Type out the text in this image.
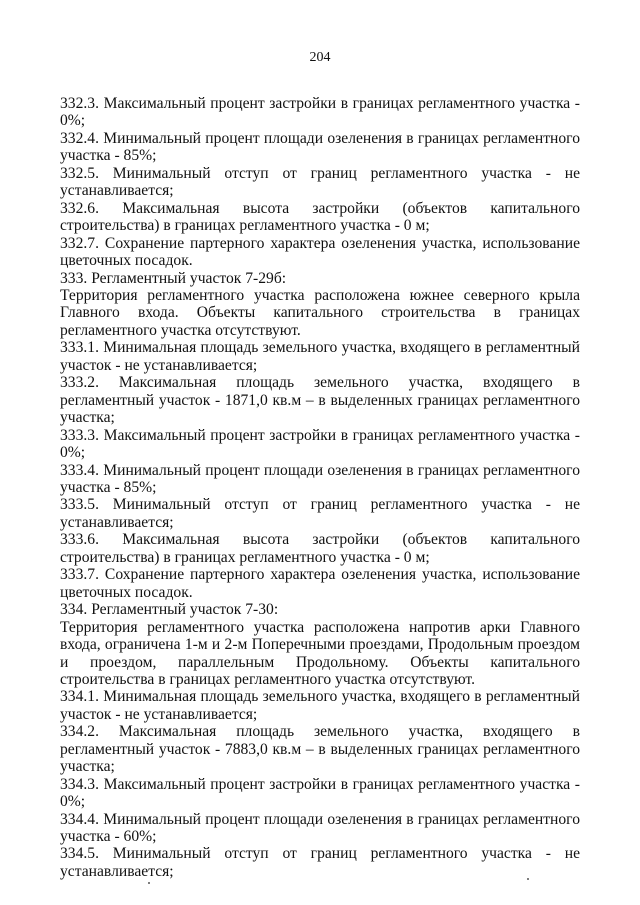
204

332.3. Максимальный процент застройки в границах регламентного участка - 0%;

332.4. Минимальный процент площади озеленения в границах регламентного участка - 85%;

332.5. Минимальный отступ от границ регламентного участка - не устанавливается;

332.6. Максимальная высота застройки (объектов капитального строительства) в границах регламентного участка - 0 м;

332.7. Сохранение партерного характера озеленения участка, использование цветочных посадок.

333. Регламентный участок 7-29б:

Территория регламентного участка расположена южнее северного крыла Главного входа. Объекты капитального строительства в границах регламентного участка отсутствуют.

333.1. Минимальная площадь земельного участка, входящего в регламентный участок - не устанавливается;

333.2. Максимальная площадь земельного участка, входящего в регламентный участок - 1871,0 кв.м – в выделенных границах регламентного участка;

333.3. Максимальный процент застройки в границах регламентного участка - 0%;

333.4. Минимальный процент площади озеленения в границах регламентного участка - 85%;

333.5. Минимальный отступ от границ регламентного участка - не устанавливается;

333.6. Максимальная высота застройки (объектов капитального строительства) в границах регламентного участка - 0 м;

333.7. Сохранение партерного характера озеленения участка, использование цветочных посадок.

334. Регламентный участок 7-30:

Территория регламентного участка расположена напротив арки Главного входа, ограничена 1-м и 2-м Поперечными проездами, Продольным проездом и проездом, параллельным Продольному. Объекты капитального строительства в границах регламентного участка отсутствуют.

334.1. Минимальная площадь земельного участка, входящего в регламентный участок - не устанавливается;

334.2. Максимальная площадь земельного участка, входящего в регламентный участок - 7883,0 кв.м – в выделенных границах регламентного участка;

334.3. Максимальный процент застройки в границах регламентного участка - 0%;

334.4. Минимальный процент площади озеленения в границах регламентного участка - 60%;

334.5. Минимальный отступ от границ регламентного участка - не устанавливается;
